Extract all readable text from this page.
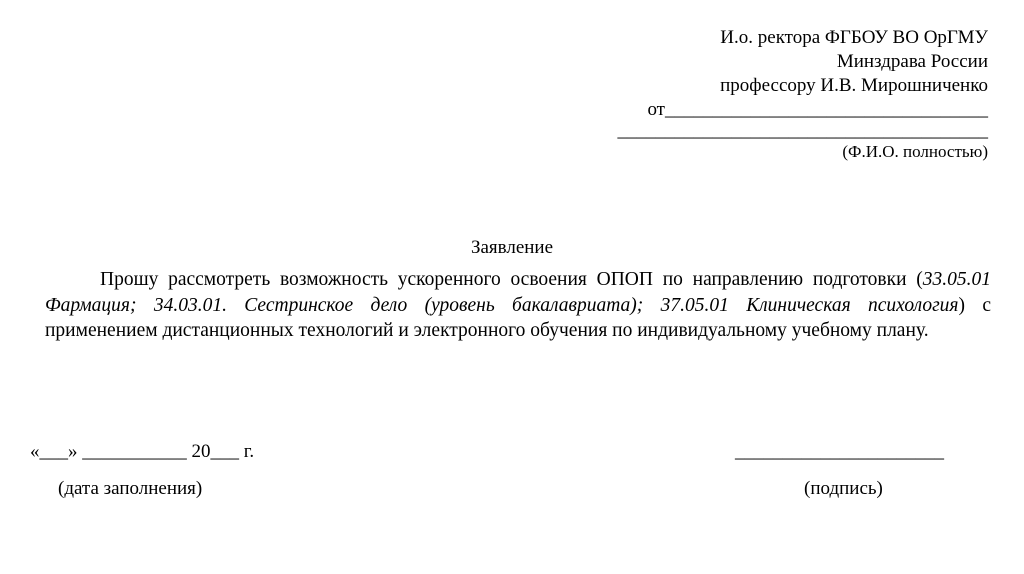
И.о. ректора ФГБОУ ВО ОрГМУ
Минздрава России
профессору И.В. Мирошниченко
от__________________________________
_______________________________________
(Ф.И.О. полностью)
Заявление
Прошу рассмотреть возможность ускоренного освоения ОПОП по направлению подготовки (33.05.01 Фармация; 34.03.01. Сестринское дело (уровень бакалавриата); 37.05.01 Клиническая психология) с применением дистанционных технологий и электронного обучения по индивидуальному учебному плану.
«___» ___________ 20___ г.
(дата заполнения)
______________________
(подпись)
